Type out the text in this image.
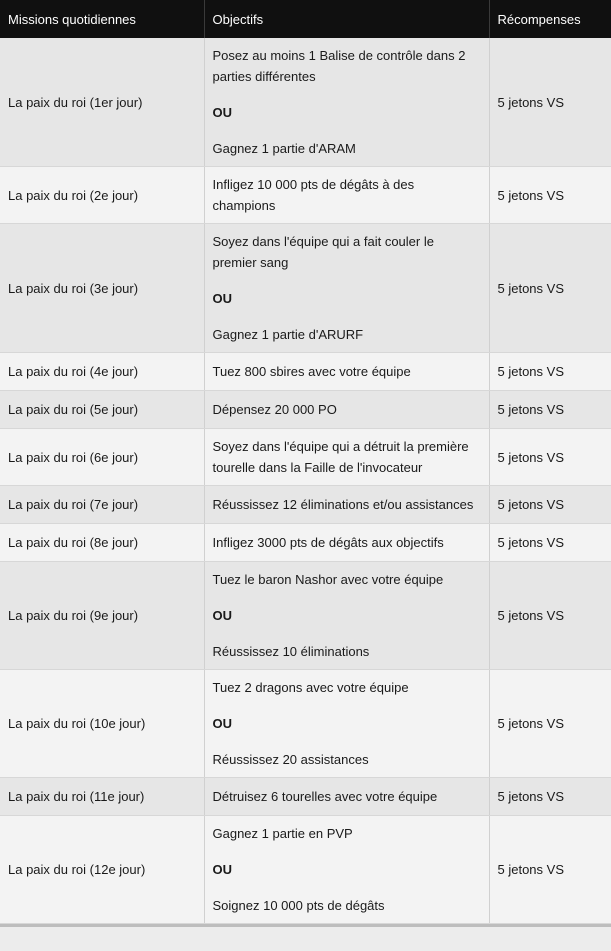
Missions quotidiennes	Objectifs	Récompenses
La paix du roi (1er jour)	Posez au moins 1 Balise de contrôle dans 2 parties différentes
OU
Gagnez 1 partie d'ARAM	5 jetons VS
La paix du roi (2e jour)	Infligez 10 000 pts de dégâts à des champions	5 jetons VS
La paix du roi (3e jour)	Soyez dans l'équipe qui a fait couler le premier sang
OU
Gagnez 1 partie d'ARURF	5 jetons VS
La paix du roi (4e jour)	Tuez 800 sbires avec votre équipe	5 jetons VS
La paix du roi (5e jour)	Dépensez 20 000 PO	5 jetons VS
La paix du roi (6e jour)	Soyez dans l'équipe qui a détruit la première tourelle dans la Faille de l'invocateur	5 jetons VS
La paix du roi (7e jour)	Réussissez 12 éliminations et/ou assistances	5 jetons VS
La paix du roi (8e jour)	Infligez 3000 pts de dégâts aux objectifs	5 jetons VS
La paix du roi (9e jour)	Tuez le baron Nashor avec votre équipe
OU
Réussissez 10 éliminations	5 jetons VS
La paix du roi (10e jour)	Tuez 2 dragons avec votre équipe
OU
Réussissez 20 assistances	5 jetons VS
La paix du roi (11e jour)	Détruisez 6 tourelles avec votre équipe	5 jetons VS
La paix du roi (12e jour)	Gagnez 1 partie en PVP
OU
Soignez 10 000 pts de dégâts	5 jetons VS
